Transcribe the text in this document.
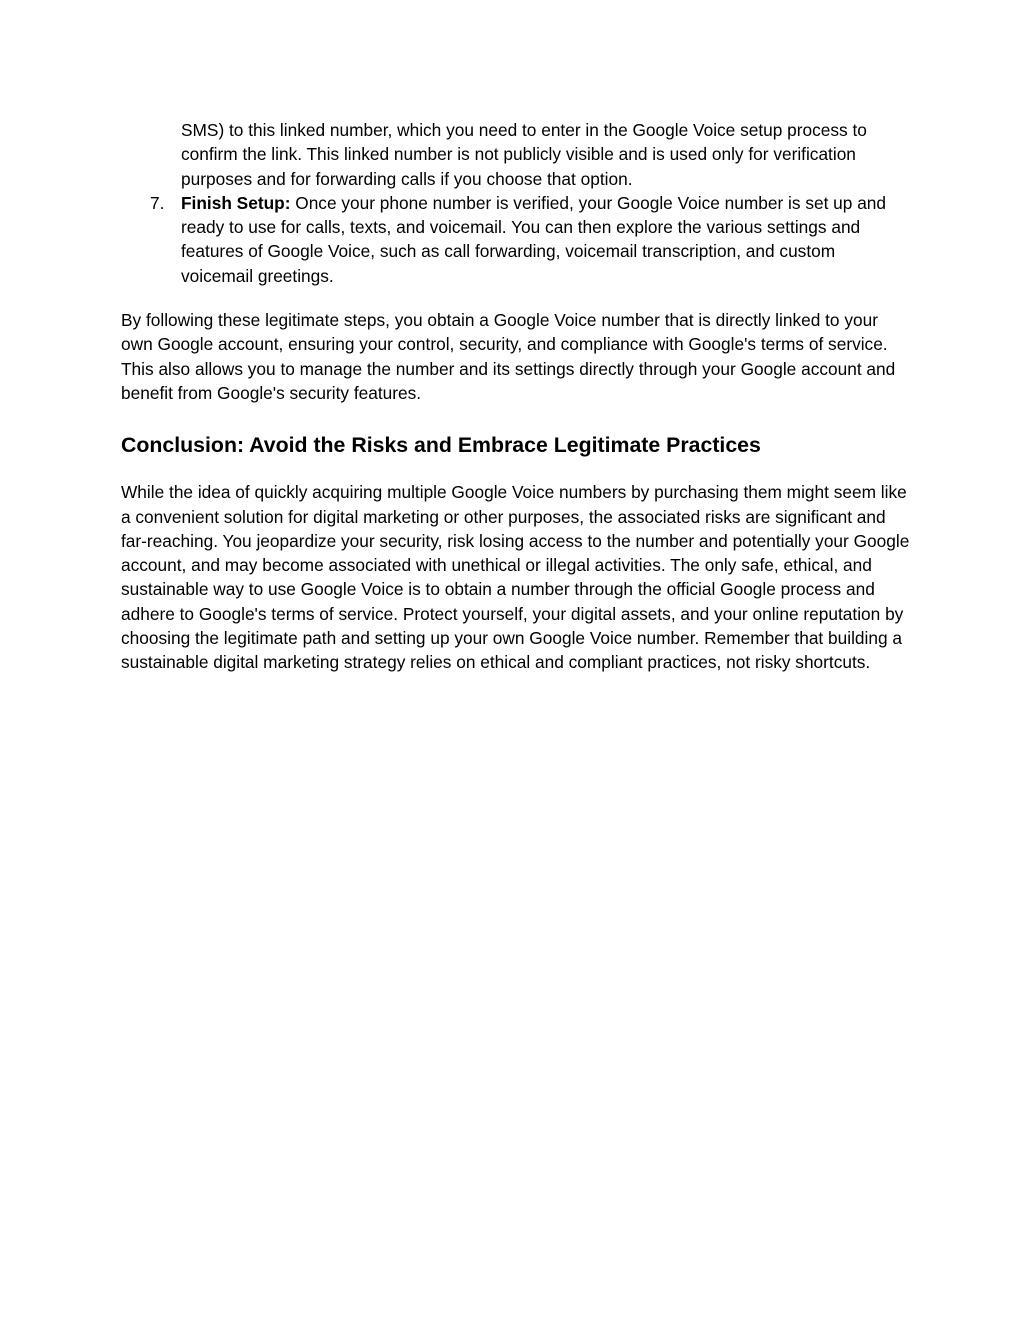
SMS) to this linked number, which you need to enter in the Google Voice setup process to confirm the link. This linked number is not publicly visible and is used only for verification purposes and for forwarding calls if you choose that option.
7. Finish Setup: Once your phone number is verified, your Google Voice number is set up and ready to use for calls, texts, and voicemail. You can then explore the various settings and features of Google Voice, such as call forwarding, voicemail transcription, and custom voicemail greetings.

By following these legitimate steps, you obtain a Google Voice number that is directly linked to your own Google account, ensuring your control, security, and compliance with Google's terms of service. This also allows you to manage the number and its settings directly through your Google account and benefit from Google's security features.

Conclusion: Avoid the Risks and Embrace Legitimate Practices

While the idea of quickly acquiring multiple Google Voice numbers by purchasing them might seem like a convenient solution for digital marketing or other purposes, the associated risks are significant and far-reaching. You jeopardize your security, risk losing access to the number and potentially your Google account, and may become associated with unethical or illegal activities. The only safe, ethical, and sustainable way to use Google Voice is to obtain a number through the official Google process and adhere to Google's terms of service. Protect yourself, your digital assets, and your online reputation by choosing the legitimate path and setting up your own Google Voice number. Remember that building a sustainable digital marketing strategy relies on ethical and compliant practices, not risky shortcuts.
